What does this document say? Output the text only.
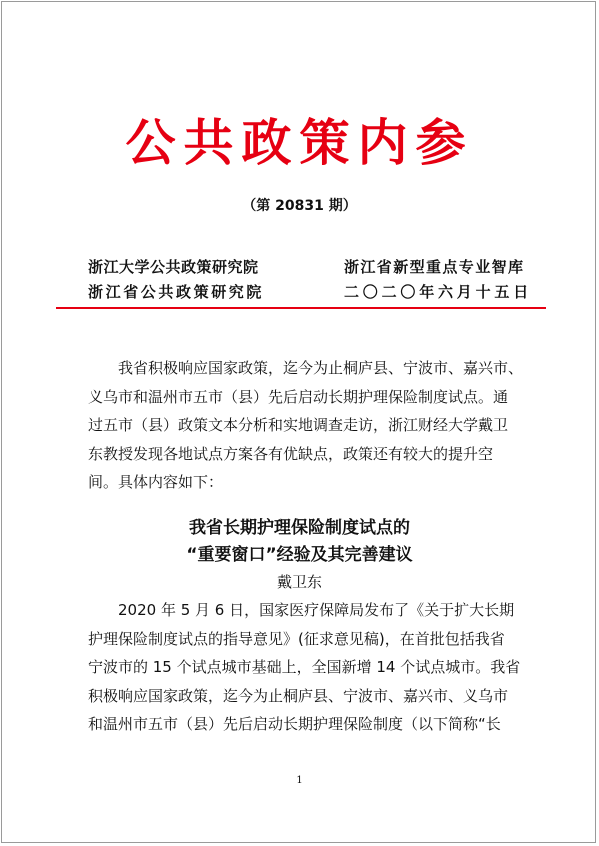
公共政策内参
（第 20831 期）
浙江大学公共政策研究院
浙江省公共政策研究院
浙江省新型重点专业智库
二〇二〇年六月十五日
我省积极响应国家政策，迄今为止桐庐县、宁波市、嘉兴市、
义乌市和温州市五市（县）先后启动长期护理保险制度试点。通
过五市（县）政策文本分析和实地调查走访，浙江财经大学戴卫
东教授发现各地试点方案各有优缺点，政策还有较大的提升空
间。具体内容如下：
我省长期护理保险制度试点的
“重要窗口”经验及其完善建议
戴卫东
2020 年 5 月 6 日，国家医疗保障局发布了《关于扩大长期
护理保险制度试点的指导意见》(征求意见稿)，在首批包括我省
宁波市的 15 个试点城市基础上，全国新增 14 个试点城市。我省
积极响应国家政策，迄今为止桐庐县、宁波市、嘉兴市、义乌市
和温州市五市（县）先后启动长期护理保险制度（以下简称“长
1
